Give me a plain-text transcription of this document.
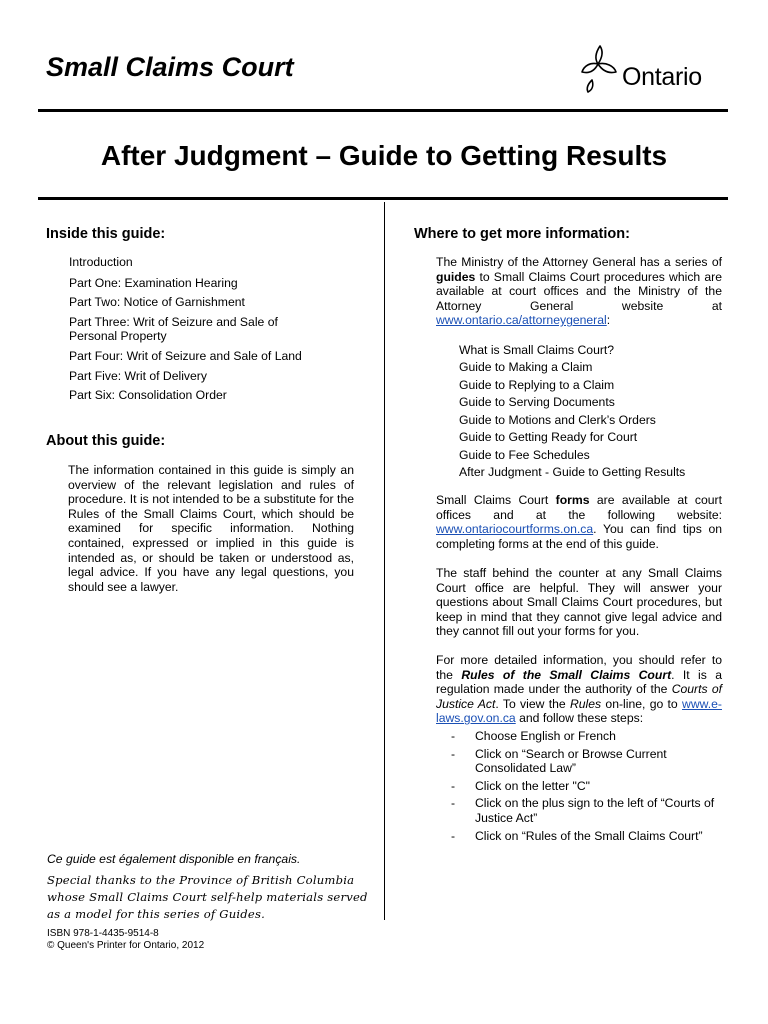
Small Claims Court	Ontario
After Judgment – Guide to Getting Results
Inside this guide:
Introduction
Part One: Examination Hearing
Part Two: Notice of Garnishment
Part Three: Writ of Seizure and Sale of
Personal Property
Part Four: Writ of Seizure and Sale of Land
Part Five: Writ of Delivery
Part Six: Consolidation Order
About this guide:
The information contained in this guide is simply an overview of the relevant legislation and rules of procedure. It is not intended to be a substitute for the Rules of the Small Claims Court, which should be examined for specific information. Nothing contained, expressed or implied in this guide is intended as, or should be taken or understood as, legal advice. If you have any legal questions, you should see a lawyer.
Ce guide est également disponible en français.
Special thanks to the Province of British Columbia
whose Small Claims Court self-help materials served
as a model for this series of Guides.
ISBN 978-1-4435-9514-8
© Queen's Printer for Ontario, 2012
Where to get more information:
The Ministry of the Attorney General has a series of guides to Small Claims Court procedures which are available at court offices and the Ministry of the Attorney General website at www.ontario.ca/attorneygeneral:
What is Small Claims Court?
Guide to Making a Claim
Guide to Replying to a Claim
Guide to Serving Documents
Guide to Motions and Clerk’s Orders
Guide to Getting Ready for Court
Guide to Fee Schedules
After Judgment - Guide to Getting Results
Small Claims Court forms are available at court offices and at the following website: www.ontariocourtforms.on.ca. You can find tips on completing forms at the end of this guide.
The staff behind the counter at any Small Claims Court office are helpful. They will answer your questions about Small Claims Court procedures, but keep in mind that they cannot give legal advice and they cannot fill out your forms for you.
For more detailed information, you should refer to the Rules of the Small Claims Court. It is a regulation made under the authority of the Courts of Justice Act. To view the Rules on-line, go to www.e-laws.gov.on.ca and follow these steps:
-	Choose English or French
-	Click on “Search or Browse Current Consolidated Law”
-	Click on the letter "C"
-	Click on the plus sign to the left of “Courts of Justice Act”
-	Click on “Rules of the Small Claims Court”
